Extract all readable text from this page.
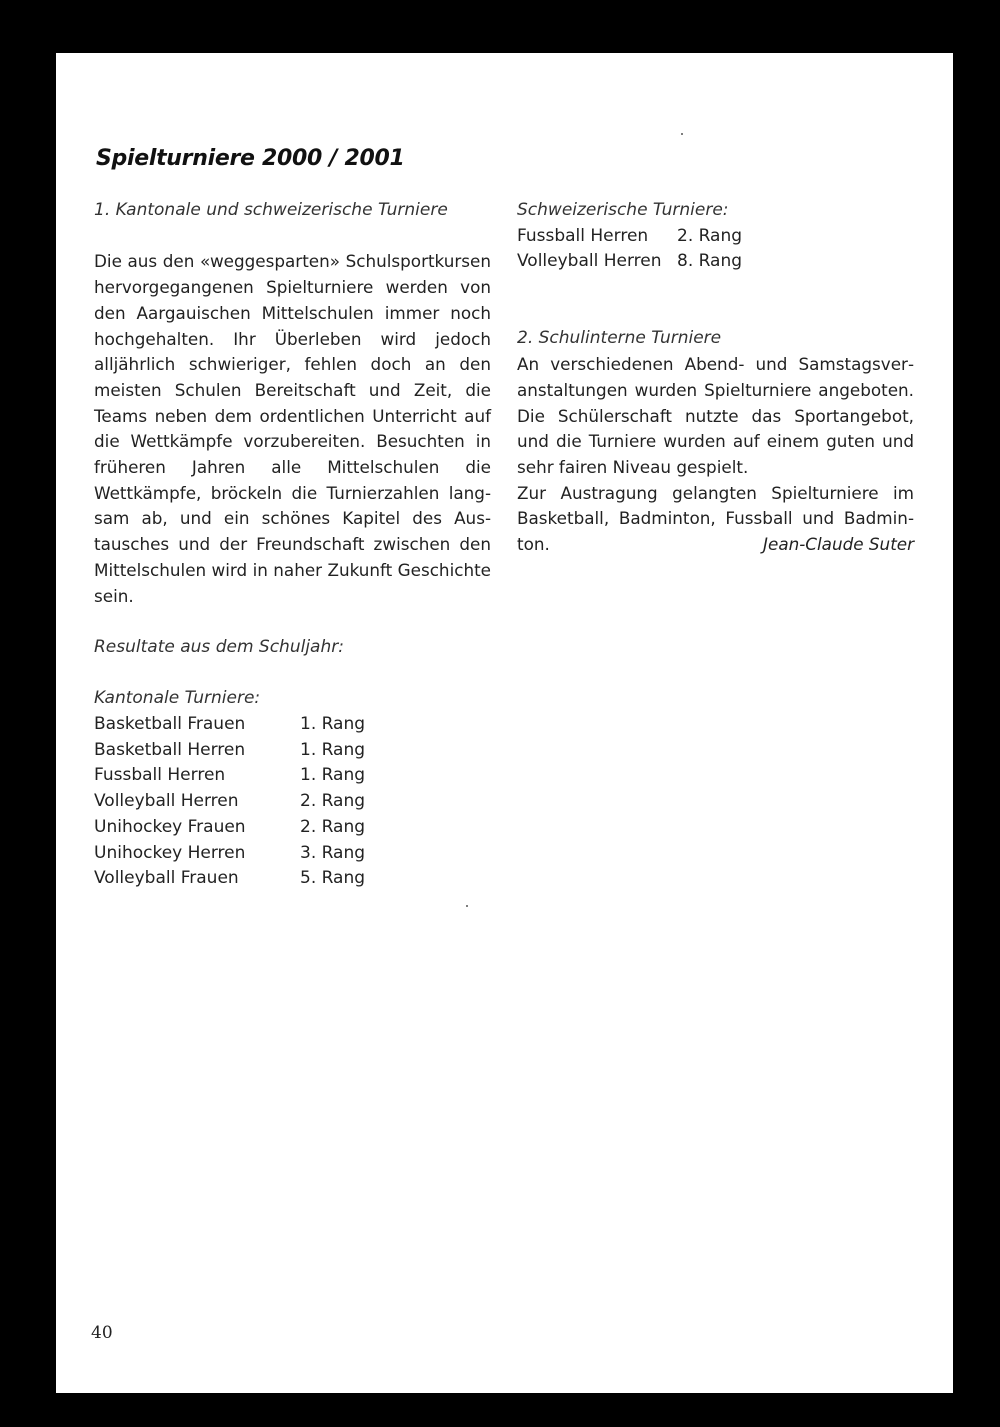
Spielturniere 2000 / 2001

1. Kantonale und schweizerische Turniere

Die aus den «weggesparten» Schulsportkursen hervorgegangenen Spielturniere werden von den Aargauischen Mittelschulen immer noch hochgehalten. Ihr Überleben wird jedoch alljährlich schwieriger, fehlen doch an den meisten Schulen Bereitschaft und Zeit, die Teams neben dem ordentlichen Unterricht auf die Wettkämpfe vorzubereiten. Besuchten in früheren Jahren alle Mittelschulen die Wettkämpfe, bröckeln die Turnierzahlen langsam ab, und ein schönes Kapitel des Austausches und der Freundschaft zwischen den Mittelschulen wird in naher Zukunft Geschichte sein.

Resultate aus dem Schuljahr:

Kantonale Turniere:

Basketball Frauen	1. Rang
Basketball Herren	1. Rang
Fussball Herren	1. Rang
Volleyball Herren	2. Rang
Unihockey Frauen	2. Rang
Unihockey Herren	3. Rang
Volleyball Frauen	5. Rang

Schweizerische Turniere:

Fussball Herren	2. Rang
Volleyball Herren	8. Rang

2. Schulinterne Turniere

An verschiedenen Abend- und Samstagsveranstaltungen wurden Spielturniere angeboten. Die Schülerschaft nutzte das Sportangebot, und die Turniere wurden auf einem guten und sehr fairen Niveau gespielt.

Zur Austragung gelangten Spielturniere im Basketball, Badminton, Fussball und Badminton.	Jean-Claude Suter

40
